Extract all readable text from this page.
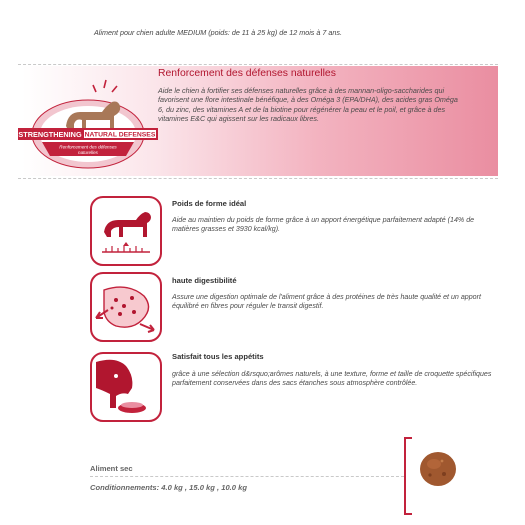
Aliment pour chien adulte MEDIUM (poids: de 11 à 25 kg) de 12 mois à 7 ans.
STRENGTHENING NATURAL DEFENSES
Renforcement des défenses
naturelles
Renforcement des défenses naturelles
Aide le chien à fortifier ses défenses naturelles grâce à des mannan-oligo-saccharides qui favorisent une flore intestinale bénéfique, à des Oméga 3 (EPA/DHA), des acides gras Oméga 6, du zinc, des vitamines A et de la biotine pour régénérer la peau et le poil, et grâce à des vitamines E&C qui agissent sur les radicaux libres.
Poids de forme idéal
Aide au maintien du poids de forme grâce à un apport énergétique parfaitement adapté (14% de matières grasses et 3930 kcal/kg).
haute digestibilité
Assure une digestion optimale de l'aliment grâce à des protéines de très haute qualité et un apport équilibré en fibres pour réguler le transit digestif.
Satisfait tous les appétits
grâce à une sélection d&rsquo;arômes naturels, à une texture, forme et taille de croquette spécifiques parfaitement conservées dans des sacs étanches sous atmosphère contrôlée.
Aliment sec
Conditionnements: 4.0 kg , 15.0 kg , 10.0 kg
